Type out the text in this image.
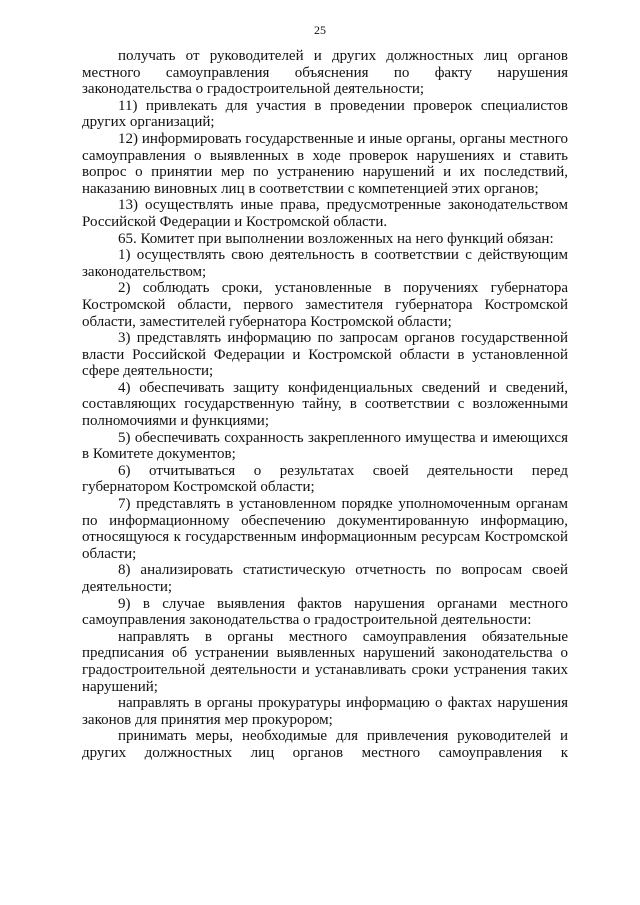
25

получать от руководителей и других должностных лиц органов местного самоуправления объяснения по факту нарушения законодательства о градостроительной деятельности;

11) привлекать для участия в проведении проверок специалистов других организаций;

12) информировать государственные и иные органы, органы местного самоуправления о выявленных в ходе проверок нарушениях и ставить вопрос о принятии мер по устранению нарушений и их последствий, наказанию виновных лиц в соответствии с компетенцией этих органов;

13) осуществлять иные права, предусмотренные законодательством Российской Федерации и Костромской области.

65. Комитет при выполнении возложенных на него функций обязан:

1) осуществлять свою деятельность в соответствии с действующим законодательством;

2) соблюдать сроки, установленные в поручениях губернатора Костромской области, первого заместителя губернатора Костромской области, заместителей губернатора Костромской области;

3) представлять информацию по запросам органов государственной власти Российской Федерации и Костромской области в установленной сфере деятельности;

4) обеспечивать защиту конфиденциальных сведений и сведений, составляющих государственную тайну, в соответствии с возложенными полномочиями и функциями;

5) обеспечивать сохранность закрепленного имущества и имеющихся в Комитете документов;

6) отчитываться о результатах своей деятельности перед губернатором Костромской области;

7) представлять в установленном порядке уполномоченным органам по информационному обеспечению документированную информацию, относящуюся к государственным информационным ресурсам Костромской области;

8) анализировать статистическую отчетность по вопросам своей деятельности;

9) в случае выявления фактов нарушения органами местного самоуправления законодательства о градостроительной деятельности:

направлять в органы местного самоуправления обязательные предписания об устранении выявленных нарушений законодательства о градостроительной деятельности и устанавливать сроки устранения таких нарушений;

направлять в органы прокуратуры информацию о фактах нарушения законов для принятия мер прокурором;

принимать меры, необходимые для привлечения руководителей и других должностных лиц органов местного самоуправления к
